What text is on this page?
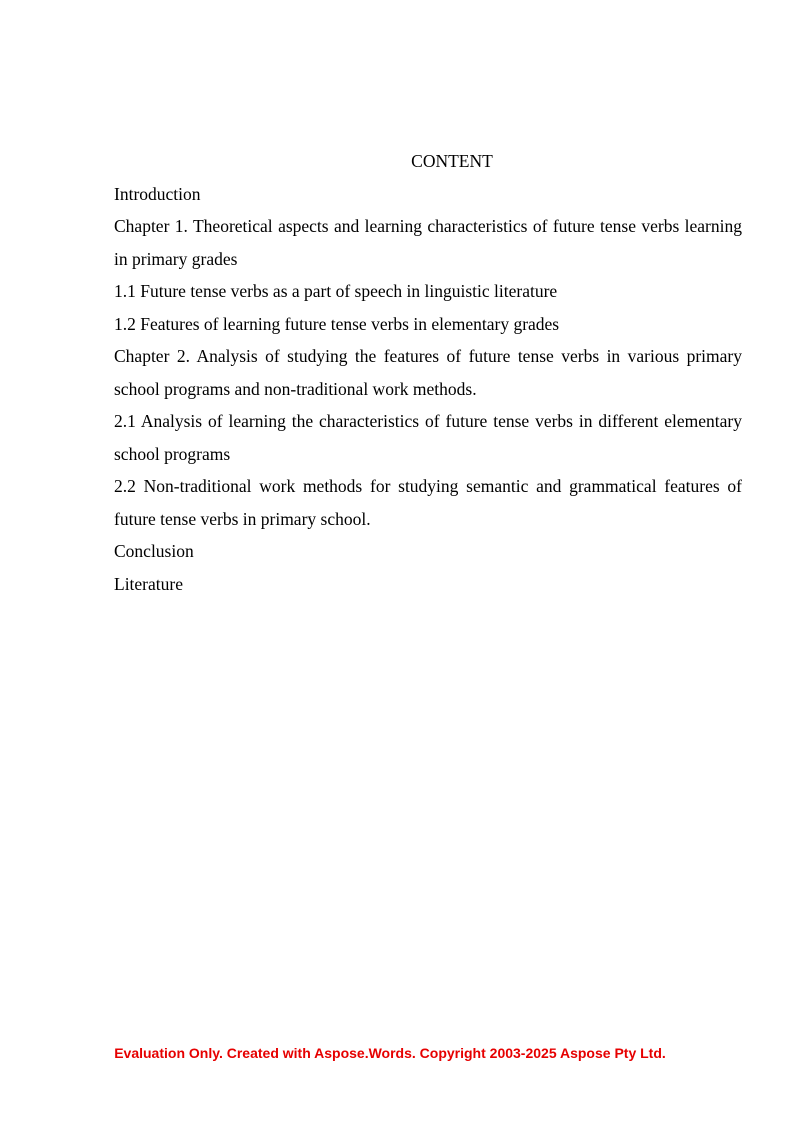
CONTENT
Introduction
Chapter 1. Theoretical aspects and learning characteristics of future tense verbs learning in primary grades
1.1 Future tense verbs as a part of speech in linguistic literature
1.2 Features of learning future tense verbs in elementary grades
Chapter 2. Analysis of studying the features of future tense verbs in various primary school programs and non-traditional work methods.
2.1 Analysis of learning the characteristics of future tense verbs in different elementary school programs
2.2 Non-traditional work methods for studying semantic and grammatical features of future tense verbs in primary school.
Conclusion
Literature
Evaluation Only. Created with Aspose.Words. Copyright 2003-2025 Aspose Pty Ltd.
